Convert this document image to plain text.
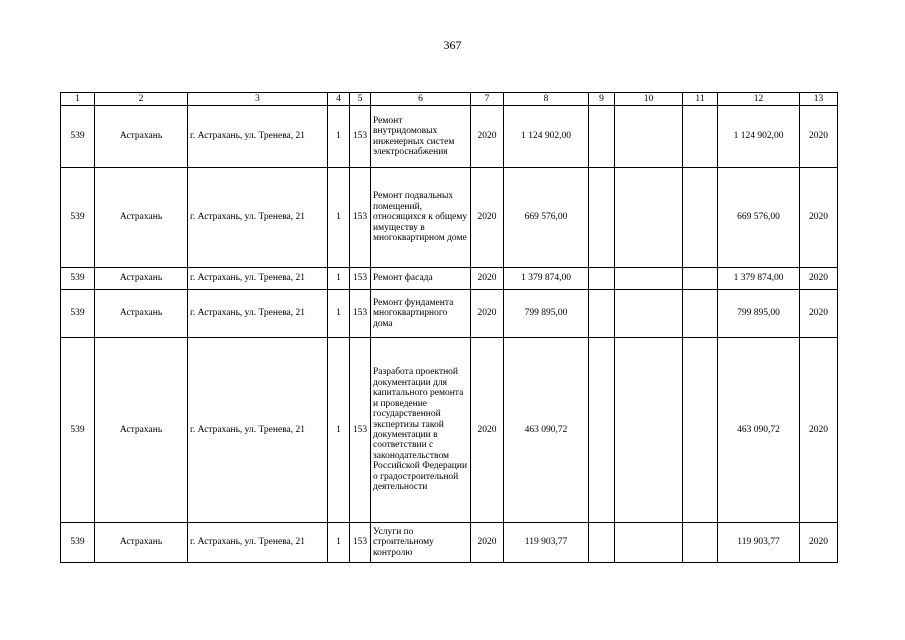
367
1	2	3	4	5	6	7	8	9	10	11	12	13
539	Астрахань	г. Астрахань, ул. Тренева, 21	1	153	Ремонт внутридомовых инженерных систем электроснабжения	2020	1 124 902,00				1 124 902,00	2020
539	Астрахань	г. Астрахань, ул. Тренева, 21	1	153	Ремонт подвальных помещений, относящихся к общему имуществу в многоквартирном доме	2020	669 576,00				669 576,00	2020
539	Астрахань	г. Астрахань, ул. Тренева, 21	1	153	Ремонт фасада	2020	1 379 874,00				1 379 874,00	2020
539	Астрахань	г. Астрахань, ул. Тренева, 21	1	153	Ремонт фундамента многоквартирного дома	2020	799 895,00				799 895,00	2020
539	Астрахань	г. Астрахань, ул. Тренева, 21	1	153	Разработа проектной документации для капитального ремонта и проведение государственной экспертизы такой документации в соответствии с законодательством Российской Федерации о градостроительной деятельности	2020	463 090,72				463 090,72	2020
539	Астрахань	г. Астрахань, ул. Тренева, 21	1	153	Услуги по строительному контролю	2020	119 903,77				119 903,77	2020
